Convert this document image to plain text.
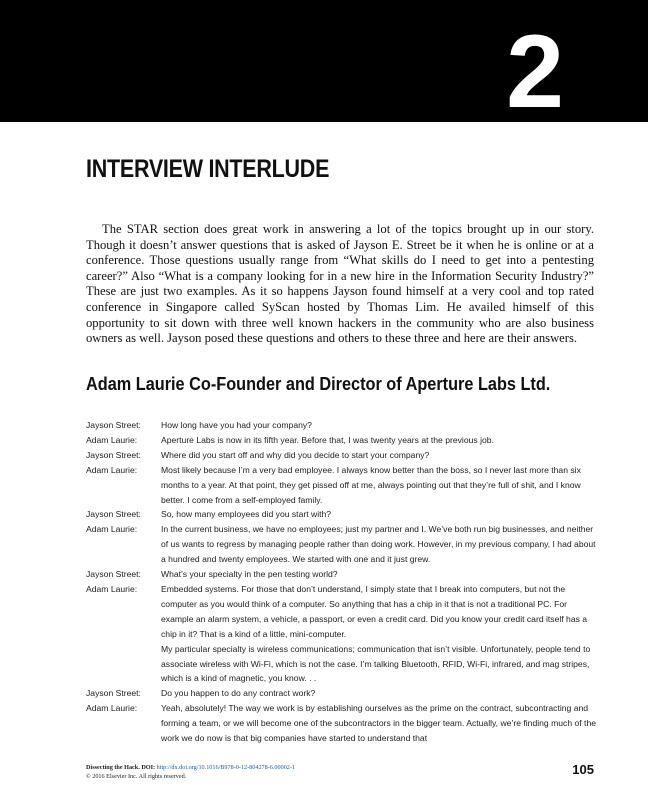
2
INTERVIEW INTERLUDE

The STAR section does great work in answering a lot of the topics brought up in our story. Though it doesn’t answer questions that is asked of Jayson E. Street be it when he is online or at a conference. Those questions usually range from “What skills do I need to get into a pentesting career?” Also “What is a company looking for in a new hire in the Information Security Industry?” These are just two examples. As it so happens Jayson found himself at a very cool and top rated conference in Singapore called SyScan hosted by Thomas Lim. He availed himself of this opportunity to sit down with three well known hackers in the community who are also business owners as well. Jayson posed these questions and others to these three and here are their answers.

Adam Laurie Co-Founder and Director of Aperture Labs Ltd.
Jayson Street:	How long have you had your company?
Adam Laurie:	Aperture Labs is now in its fifth year. Before that, I was twenty years at the previous job.
Jayson Street:	Where did you start off and why did you decide to start your company?
Adam Laurie:	Most likely because I’m a very bad employee. I always know better than the boss, so I never last more than six months to a year. At that point, they get pissed off at me, always pointing out that they’re full of shit, and I know better. I come from a self-employed family.
Jayson Street:	So, how many employees did you start with?
Adam Laurie:	In the current business, we have no employees; just my partner and I. We’ve both run big businesses, and neither of us wants to regress by managing people rather than doing work. However, in my previous company, I had about a hundred and twenty employees. We started with one and it just grew.
Jayson Street:	What’s your specialty in the pen testing world?
Adam Laurie:	Embedded systems. For those that don’t understand, I simply state that I break into computers, but not the computer as you would think of a computer. So anything that has a chip in it that is not a traditional PC. For example an alarm system, a vehicle, a passport, or even a credit card. Did you know your credit card itself has a chip in it? That is a kind of a little, mini-computer.
My particular specialty is wireless communications; communication that isn’t visible. Unfortunately, people tend to associate wireless with Wi-Fi, which is not the case. I’m talking Bluetooth, RFID, Wi-Fi, infrared, and mag stripes, which is a kind of magnetic, you know. . .
Jayson Street:	Do you happen to do any contract work?
Adam Laurie:	Yeah, absolutely! The way we work is by establishing ourselves as the prime on the contract, subcontracting and forming a team, or we will become one of the subcontractors in the bigger team. Actually, we’re finding much of the work we do now is that big companies have started to understand that
Dissecting the Hack. DOI: http://dx.doi.org/10.1016/B978-0-12-804278-6.00002-1
© 2016 Elsevier Inc. All rights reserved.	105
